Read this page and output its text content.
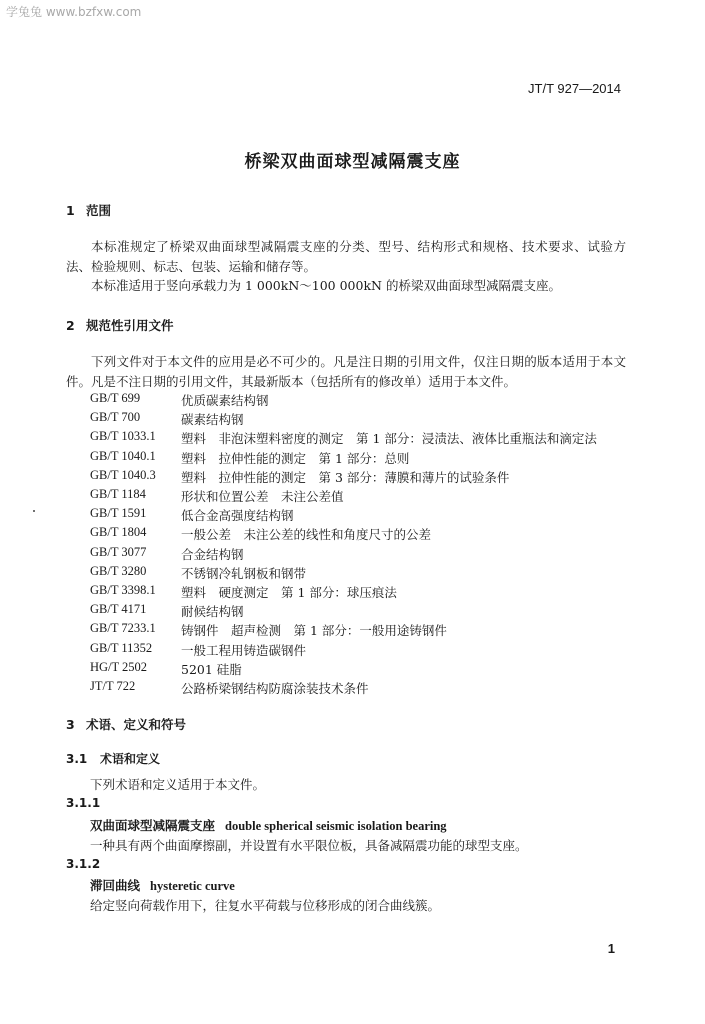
学兔兔 www.bzfxw.com
JT/T 927—2014
桥梁双曲面球型减隔震支座
1 范围
本标准规定了桥梁双曲面球型减隔震支座的分类、型号、结构形式和规格、技术要求、试验方法、检验规则、标志、包装、运输和储存等。
本标准适用于竖向承载力为 1 000kN～100 000kN 的桥梁双曲面球型减隔震支座。
2 规范性引用文件
下列文件对于本文件的应用是必不可少的。凡是注日期的引用文件，仅注日期的版本适用于本文件。凡是不注日期的引用文件，其最新版本（包括所有的修改单）适用于本文件。
GB/T 699	优质碳素结构钢
GB/T 700	碳素结构钢
GB/T 1033.1 塑料　非泡沫塑料密度的测定　第 1 部分：浸渍法、液体比重瓶法和滴定法
GB/T 1040.1 塑料　拉伸性能的测定　第 1 部分：总则
GB/T 1040.3 塑料　拉伸性能的测定　第 3 部分：薄膜和薄片的试验条件
GB/T 1184	形状和位置公差　未注公差值
GB/T 1591	低合金高强度结构钢
GB/T 1804	一般公差　未注公差的线性和角度尺寸的公差
GB/T 3077	合金结构钢
GB/T 3280	不锈钢冷轧钢板和钢带
GB/T 3398.1 塑料　硬度测定　第 1 部分：球压痕法
GB/T 4171	耐候结构钢
GB/T 7233.1 铸钢件　超声检测　第 1 部分：一般用途铸钢件
GB/T 11352 一般工程用铸造碳钢件
HG/T 2502	5201 硅脂
JT/T 722	公路桥梁钢结构防腐涂装技术条件
3 术语、定义和符号
3.1 术语和定义
下列术语和定义适用于本文件。
3.1.1
双曲面球型减隔震支座 double spherical seismic isolation bearing
一种具有两个曲面摩擦副，并设置有水平限位板，具备减隔震功能的球型支座。
3.1.2
滞回曲线 hysteretic curve
给定竖向荷载作用下，往复水平荷载与位移形成的闭合曲线簇。
1
